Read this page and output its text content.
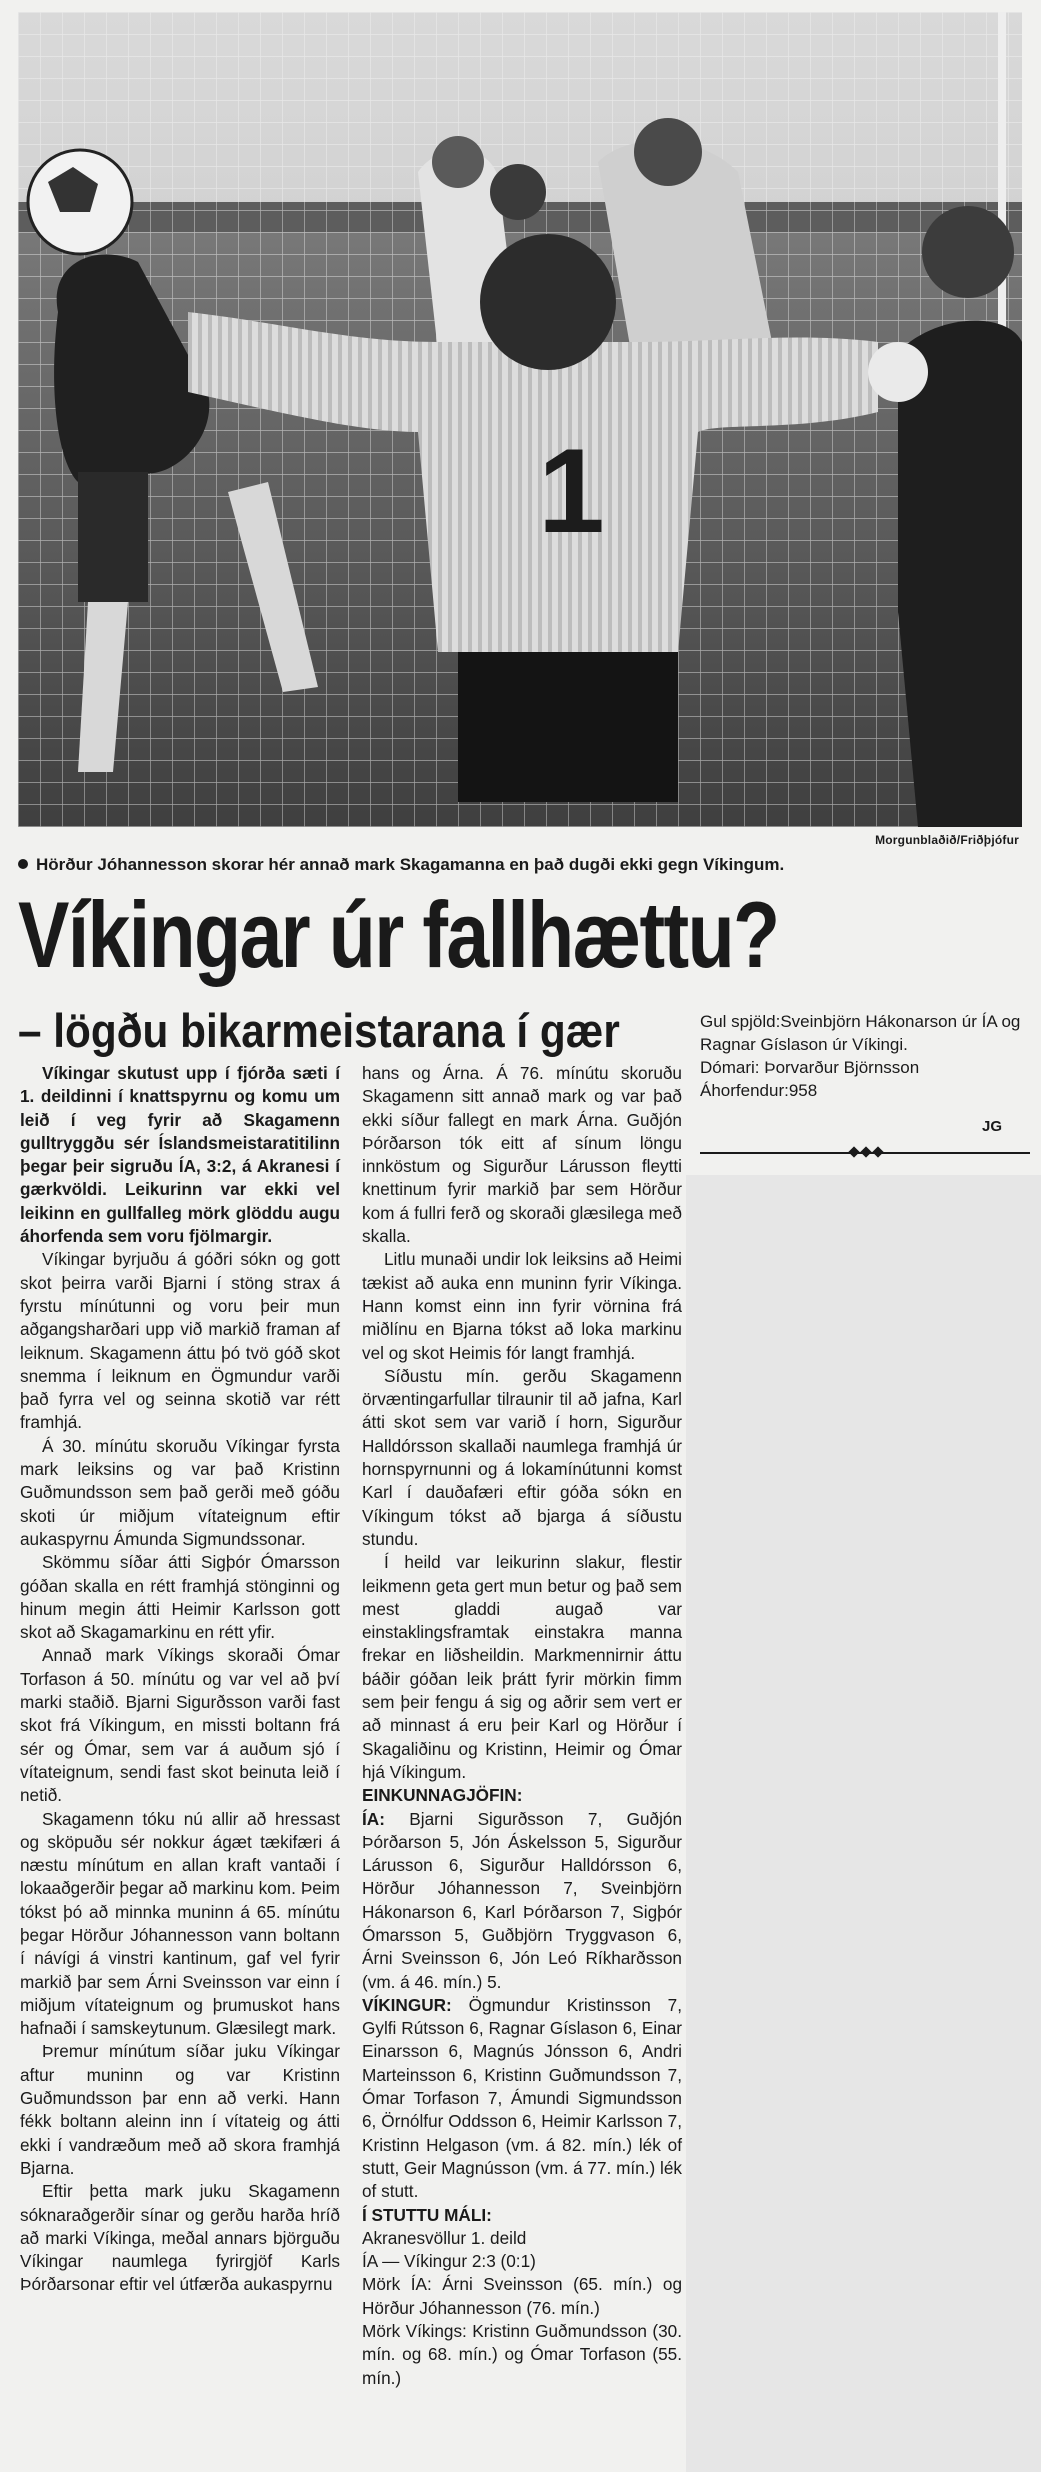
1
Morgunblaðið/Friðþjófur
Hörður Jóhannesson skorar hér annað mark Skagamanna en það dugði ekki gegn Víkingum.
Víkingar úr fallhættu?
– lögðu bikarmeistarana í gær

Víkingar skutust upp í fjórða sæti í 1. deildinni í knattspyrnu og komu um leið í veg fyrir að Skagamenn gulltryggðu sér Íslandsmeistaratitilinn þegar þeir sigruðu ÍA, 3:2, á Akranesi í gærkvöldi. Leikurinn var ekki vel leikinn en gullfalleg mörk glöddu augu áhorfenda sem voru fjölmargir.

Víkingar byrjuðu á góðri sókn og gott skot þeirra varði Bjarni í stöng strax á fyrstu mínútunni og voru þeir mun aðgangsharðari upp við markið framan af leiknum. Skagamenn áttu þó tvö góð skot snemma í leiknum en Ögmundur varði það fyrra vel og seinna skotið var rétt framhjá.

Á 30. mínútu skoruðu Víkingar fyrsta mark leiksins og var það Kristinn Guðmundsson sem það gerði með góðu skoti úr miðjum vítateignum eftir aukaspyrnu Ámunda Sigmundssonar.

Skömmu síðar átti Sigþór Ómarsson góðan skalla en rétt framhjá stönginni og hinum megin átti Heimir Karlsson gott skot að Skagamarkinu en rétt yfir.

Annað mark Víkings skoraði Ómar Torfason á 50. mínútu og var vel að því marki staðið. Bjarni Sigurðsson varði fast skot frá Víkingum, en missti boltann frá sér og Ómar, sem var á auðum sjó í vítateignum, sendi fast skot beinuta leið í netið.

Skagamenn tóku nú allir að hressast og sköpuðu sér nokkur ágæt tækifæri á næstu mínútum en allan kraft vantaði í lokaaðgerðir þegar að markinu kom. Þeim tókst þó að minnka muninn á 65. mínútu þegar Hörður Jóhannesson vann boltann í návígi á vinstri kantinum, gaf vel fyrir markið þar sem Árni Sveinsson var einn í miðjum vítateignum og þrumuskot hans hafnaði í samskeytunum. Glæsilegt mark.

Þremur mínútum síðar juku Víkingar aftur muninn og var Kristinn Guðmundsson þar enn að verki. Hann fékk boltann aleinn inn í vítateig og átti ekki í vandræðum með að skora framhjá Bjarna.

Eftir þetta mark juku Skagamenn sóknaraðgerðir sínar og gerðu harða hríð að marki Víkinga, meðal annars björguðu Víkingar naumlega fyrirgjöf Karls Þórðarsonar eftir vel útfærða aukaspyrnu

hans og Árna. Á 76. mínútu skoruðu Skagamenn sitt annað mark og var það ekki síður fallegt en mark Árna. Guðjón Þórðarson tók eitt af sínum löngu innköstum og Sigurður Lárusson fleytti knettinum fyrir markið þar sem Hörður kom á fullri ferð og skoraði glæsilega með skalla.

Litlu munaði undir lok leiksins að Heimi tækist að auka enn muninn fyrir Víkinga. Hann komst einn inn fyrir vörnina frá miðlínu en Bjarna tókst að loka markinu vel og skot Heimis fór langt framhjá.

Síðustu mín. gerðu Skagamenn örvæntingarfullar tilraunir til að jafna, Karl átti skot sem var varið í horn, Sigurður Halldórsson skallaði naumlega framhjá úr hornspyrnunni og á lokamínútunni komst Karl í dauðafæri eftir góða sókn en Víkingum tókst að bjarga á síðustu stundu.

Í heild var leikurinn slakur, flestir leikmenn geta gert mun betur og það sem mest gladdi augað var einstaklingsframtak einstakra manna frekar en liðsheildin. Markmennirnir áttu báðir góðan leik þrátt fyrir mörkin fimm sem þeir fengu á sig og aðrir sem vert er að minnast á eru þeir Karl og Hörður í Skagaliðinu og Kristinn, Heimir og Ómar hjá Víkingum.

EINKUNNAGJÖFIN:

ÍA: Bjarni Sigurðsson 7, Guðjón Þórðarson 5, Jón Áskelsson 5, Sigurður Lárusson 6, Sigurður Halldórsson 6, Hörður Jóhannesson 7, Sveinbjörn Hákonarson 6, Karl Þórðarson 7, Sigþór Ómarsson 5, Guðbjörn Tryggvason 6, Árni Sveinsson 6, Jón Leó Ríkharðsson (vm. á 46. mín.) 5.

VÍKINGUR: Ögmundur Kristinsson 7, Gylfi Rútsson 6, Ragnar Gíslason 6, Einar Einarsson 6, Magnús Jónsson 6, Andri Marteinsson 6, Kristinn Guðmundsson 7, Ómar Torfason 7, Ámundi Sigmundsson 6, Örnólfur Oddsson 6, Heimir Karlsson 7, Kristinn Helgason (vm. á 82. mín.) lék of stutt, Geir Magnússon (vm. á 77. mín.) lék of stutt.

Í STUTTU MÁLI:

Akranesvöllur 1. deild

ÍA — Víkingur 2:3 (0:1)

Mörk ÍA: Árni Sveinsson (65. mín.) og Hörður Jóhannesson (76. mín.)

Mörk Víkings: Kristinn Guðmundsson (30. mín. og 68. mín.) og Ómar Torfason (55. mín.)

Gul spjöld:Sveinbjörn Hákonarson úr ÍA og Ragnar Gíslason úr Víkingi.

Dómari: Þorvarður Björnsson

Áhorfendur:958

JG
